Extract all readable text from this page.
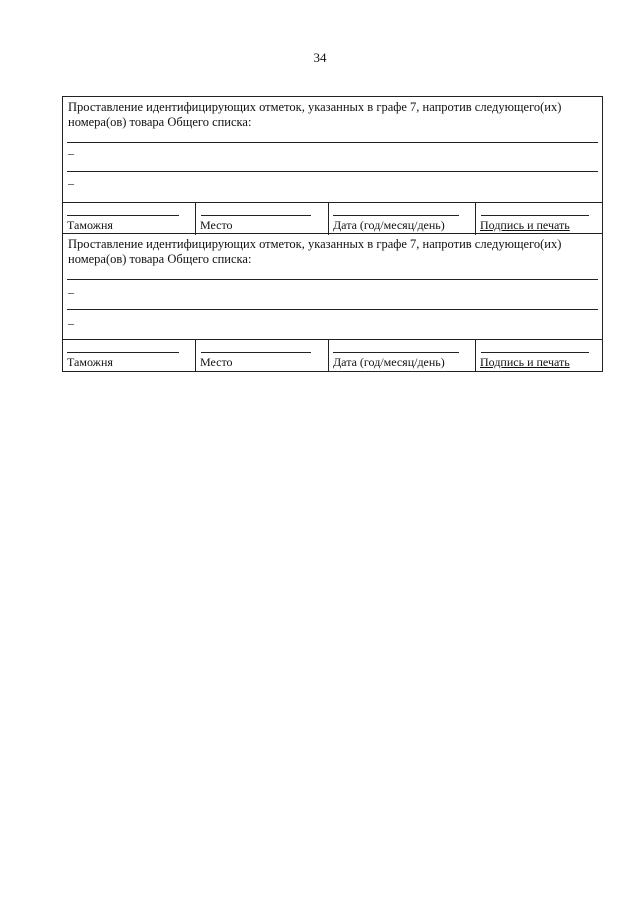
34
Проставление идентифицирующих отметок, указанных в графе 7, напротив следующего(их) номера(ов) товара Общего списка:
–
–
Таможня	Место	Дата (год/месяц/день)	Подпись и печать
Проставление идентифицирующих отметок, указанных в графе 7, напротив следующего(их) номера(ов) товара Общего списка:
–
–
Таможня	Место	Дата (год/месяц/день)	Подпись и печать
